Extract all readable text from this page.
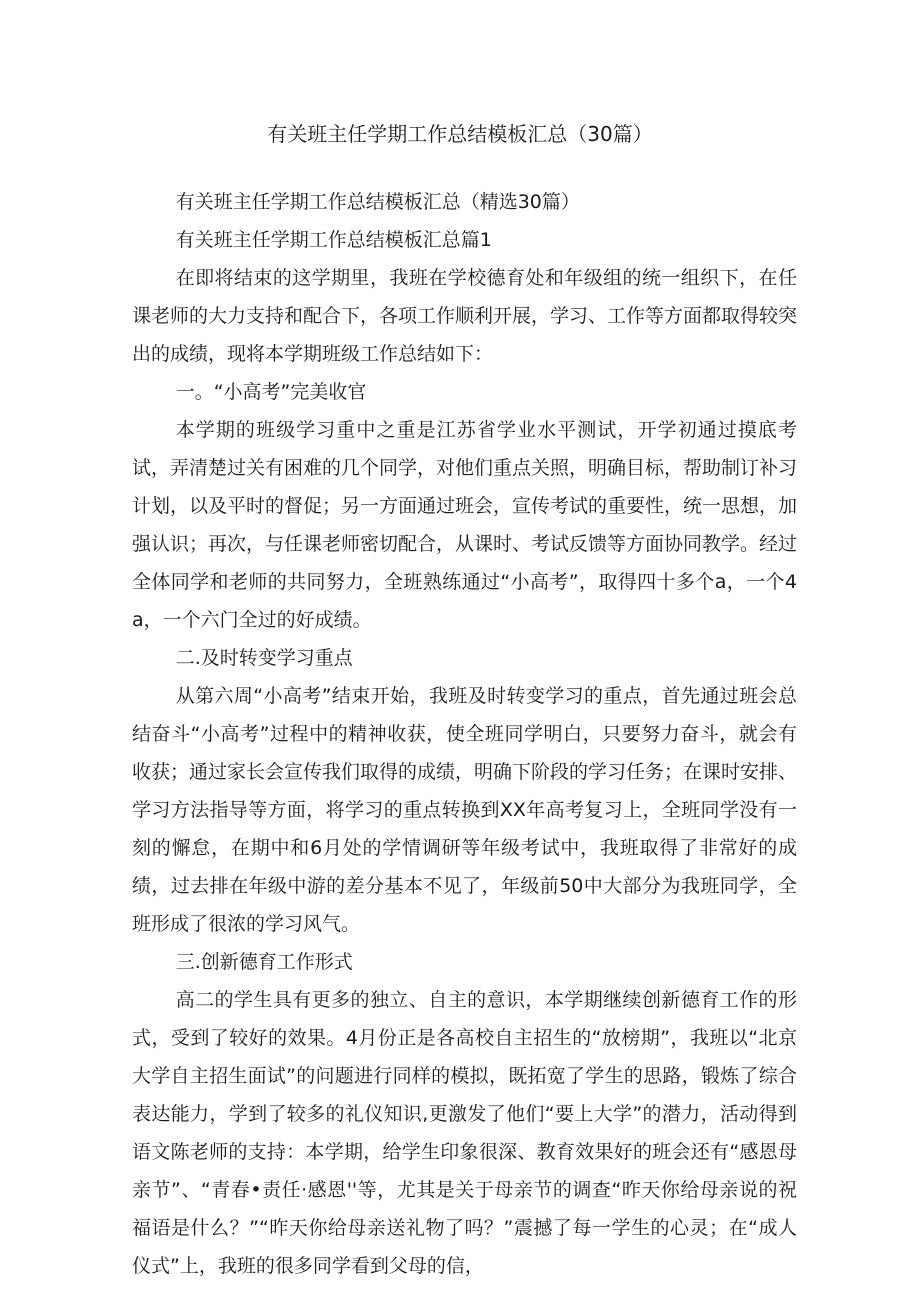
有关班主任学期工作总结模板汇总（30篇）

有关班主任学期工作总结模板汇总（精选30篇）

有关班主任学期工作总结模板汇总篇1

在即将结束的这学期里，我班在学校德育处和年级组的统一组织下，在任课老师的大力支持和配合下，各项工作顺利开展，学习、工作等方面都取得较突出的成绩，现将本学期班级工作总结如下：

一。“小高考”完美收官

本学期的班级学习重中之重是江苏省学业水平测试，开学初通过摸底考试，弄清楚过关有困难的几个同学，对他们重点关照，明确目标，帮助制订补习计划，以及平时的督促；另一方面通过班会，宣传考试的重要性，统一思想，加强认识；再次，与任课老师密切配合，从课时、考试反馈等方面协同教学。经过全体同学和老师的共同努力，全班熟练通过“小高考”，取得四十多个a，一个4a，一个六门全过的好成绩。

二.及时转变学习重点

从第六周“小高考”结束开始，我班及时转变学习的重点，首先通过班会总结奋斗“小高考”过程中的精神收获，使全班同学明白，只要努力奋斗，就会有收获；通过家长会宣传我们取得的成绩，明确下阶段的学习任务；在课时安排、学习方法指导等方面，将学习的重点转换到XX年高考复习上，全班同学没有一刻的懈怠，在期中和6月处的学情调研等年级考试中，我班取得了非常好的成绩，过去排在年级中游的差分基本不见了，年级前50中大部分为我班同学，全班形成了很浓的学习风气。

三.创新德育工作形式

高二的学生具有更多的独立、自主的意识，本学期继续创新德育工作的形式，受到了较好的效果。4月份正是各高校自主招生的“放榜期”，我班以“北京大学自主招生面试”的问题进行同样的模拟，既拓宽了学生的思路，锻炼了综合表达能力，学到了较多的礼仪知识,更激发了他们“要上大学”的潜力，活动得到语文陈老师的支持：本学期，给学生印象很深、教育效果好的班会还有“感恩母亲节”、“青春•责任·感恩''等，尤其是关于母亲节的调查“昨天你给母亲说的祝福语是什么？”“昨天你给母亲送礼物了吗？”震撼了每一学生的心灵；在“成人仪式”上，我班的很多同学看到父母的信，
